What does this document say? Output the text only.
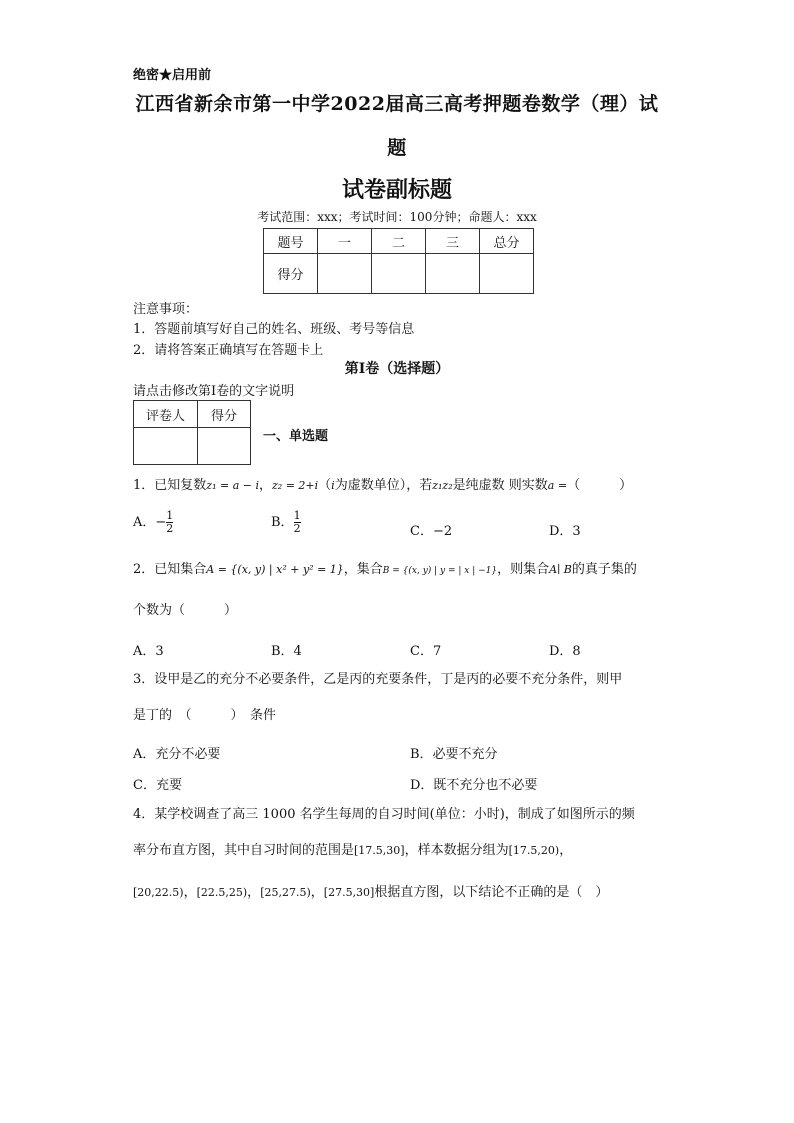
绝密★启用前
江西省新余市第一中学2022届高三高考押题卷数学（理）试
题
试卷副标题
考试范围：xxx；考试时间：100分钟；命题人：xxx
题号	一	二	三	总分
得分				
注意事项：
1．答题前填写好自己的姓名、班级、考号等信息
2．请将答案正确填写在答题卡上
第I卷（选择题）
请点击修改第I卷的文字说明
评卷人	得分

一、单选题
1．已知复数z₁ = a − i，z₂ = 2+i（i为虚数单位），若z₁z₂是纯虚数 则实数a =（　　　）
A．− $\frac{1}{2}$	B． $\frac{1}{2}$	C．−2	D．3
2．已知集合A = {(x, y) | x² + y² = 1}，集合B = {(x, y) | y = | x | −1}，则集合A∣ B的真子集的
个数为（　　　）
A．3	B．4	C．7	D．8
3．设甲是乙的充分不必要条件，乙是丙的充要条件，丁是丙的必要不充分条件，则甲
是丁的　（　　　）　条件
A．充分不必要	B．必要不充分
C．充要	D．既不充分也不必要
4．某学校调查了高三 1000 名学生每周的自习时间(单位：小时)，制成了如图所示的频
率分布直方图，其中自习时间的范围是[17.5,30]，样本数据分组为[17.5,20)，
[20,22.5)，[22.5,25)，[25,27.5)，[27.5,30]根据直方图，以下结论不正确的是（　）
